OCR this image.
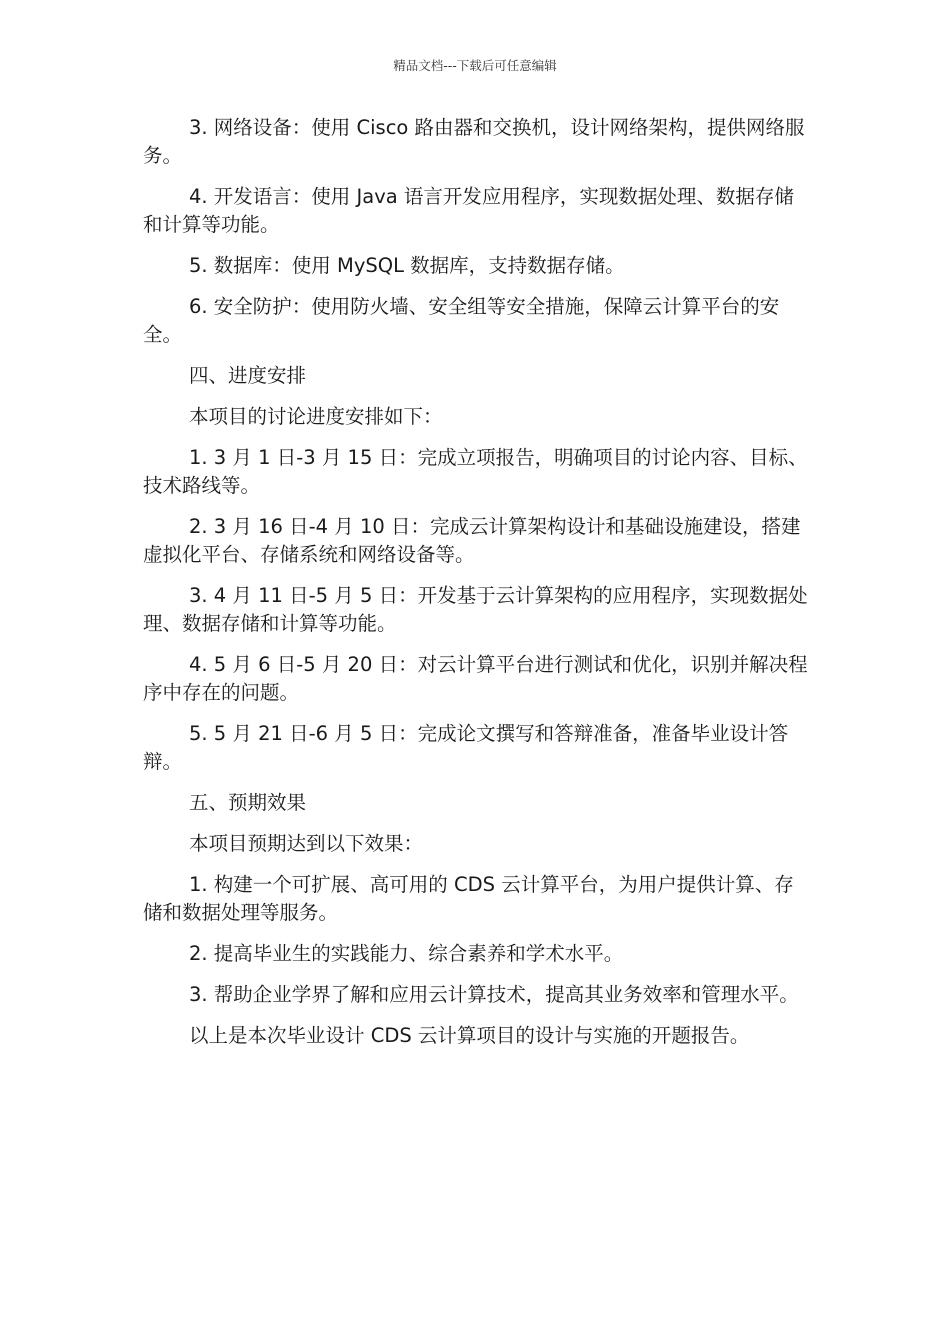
精品文档---下载后可任意编辑

3. 网络设备：使用 Cisco 路由器和交换机，设计网络架构，提供网络服务。

4. 开发语言：使用 Java 语言开发应用程序，实现数据处理、数据存储和计算等功能。

5. 数据库：使用 MySQL 数据库，支持数据存储。

6. 安全防护：使用防火墙、安全组等安全措施，保障云计算平台的安全。

四、进度安排

本项目的讨论进度安排如下：

1. 3 月 1 日-3 月 15 日：完成立项报告，明确项目的讨论内容、目标、技术路线等。

2. 3 月 16 日-4 月 10 日：完成云计算架构设计和基础设施建设，搭建虚拟化平台、存储系统和网络设备等。

3. 4 月 11 日-5 月 5 日：开发基于云计算架构的应用程序，实现数据处理、数据存储和计算等功能。

4. 5 月 6 日-5 月 20 日：对云计算平台进行测试和优化，识别并解决程序中存在的问题。

5. 5 月 21 日-6 月 5 日：完成论文撰写和答辩准备，准备毕业设计答辩。

五、预期效果

本项目预期达到以下效果：

1. 构建一个可扩展、高可用的 CDS 云计算平台，为用户提供计算、存储和数据处理等服务。

2. 提高毕业生的实践能力、综合素养和学术水平。

3. 帮助企业学界了解和应用云计算技术，提高其业务效率和管理水平。

以上是本次毕业设计 CDS 云计算项目的设计与实施的开题报告。
